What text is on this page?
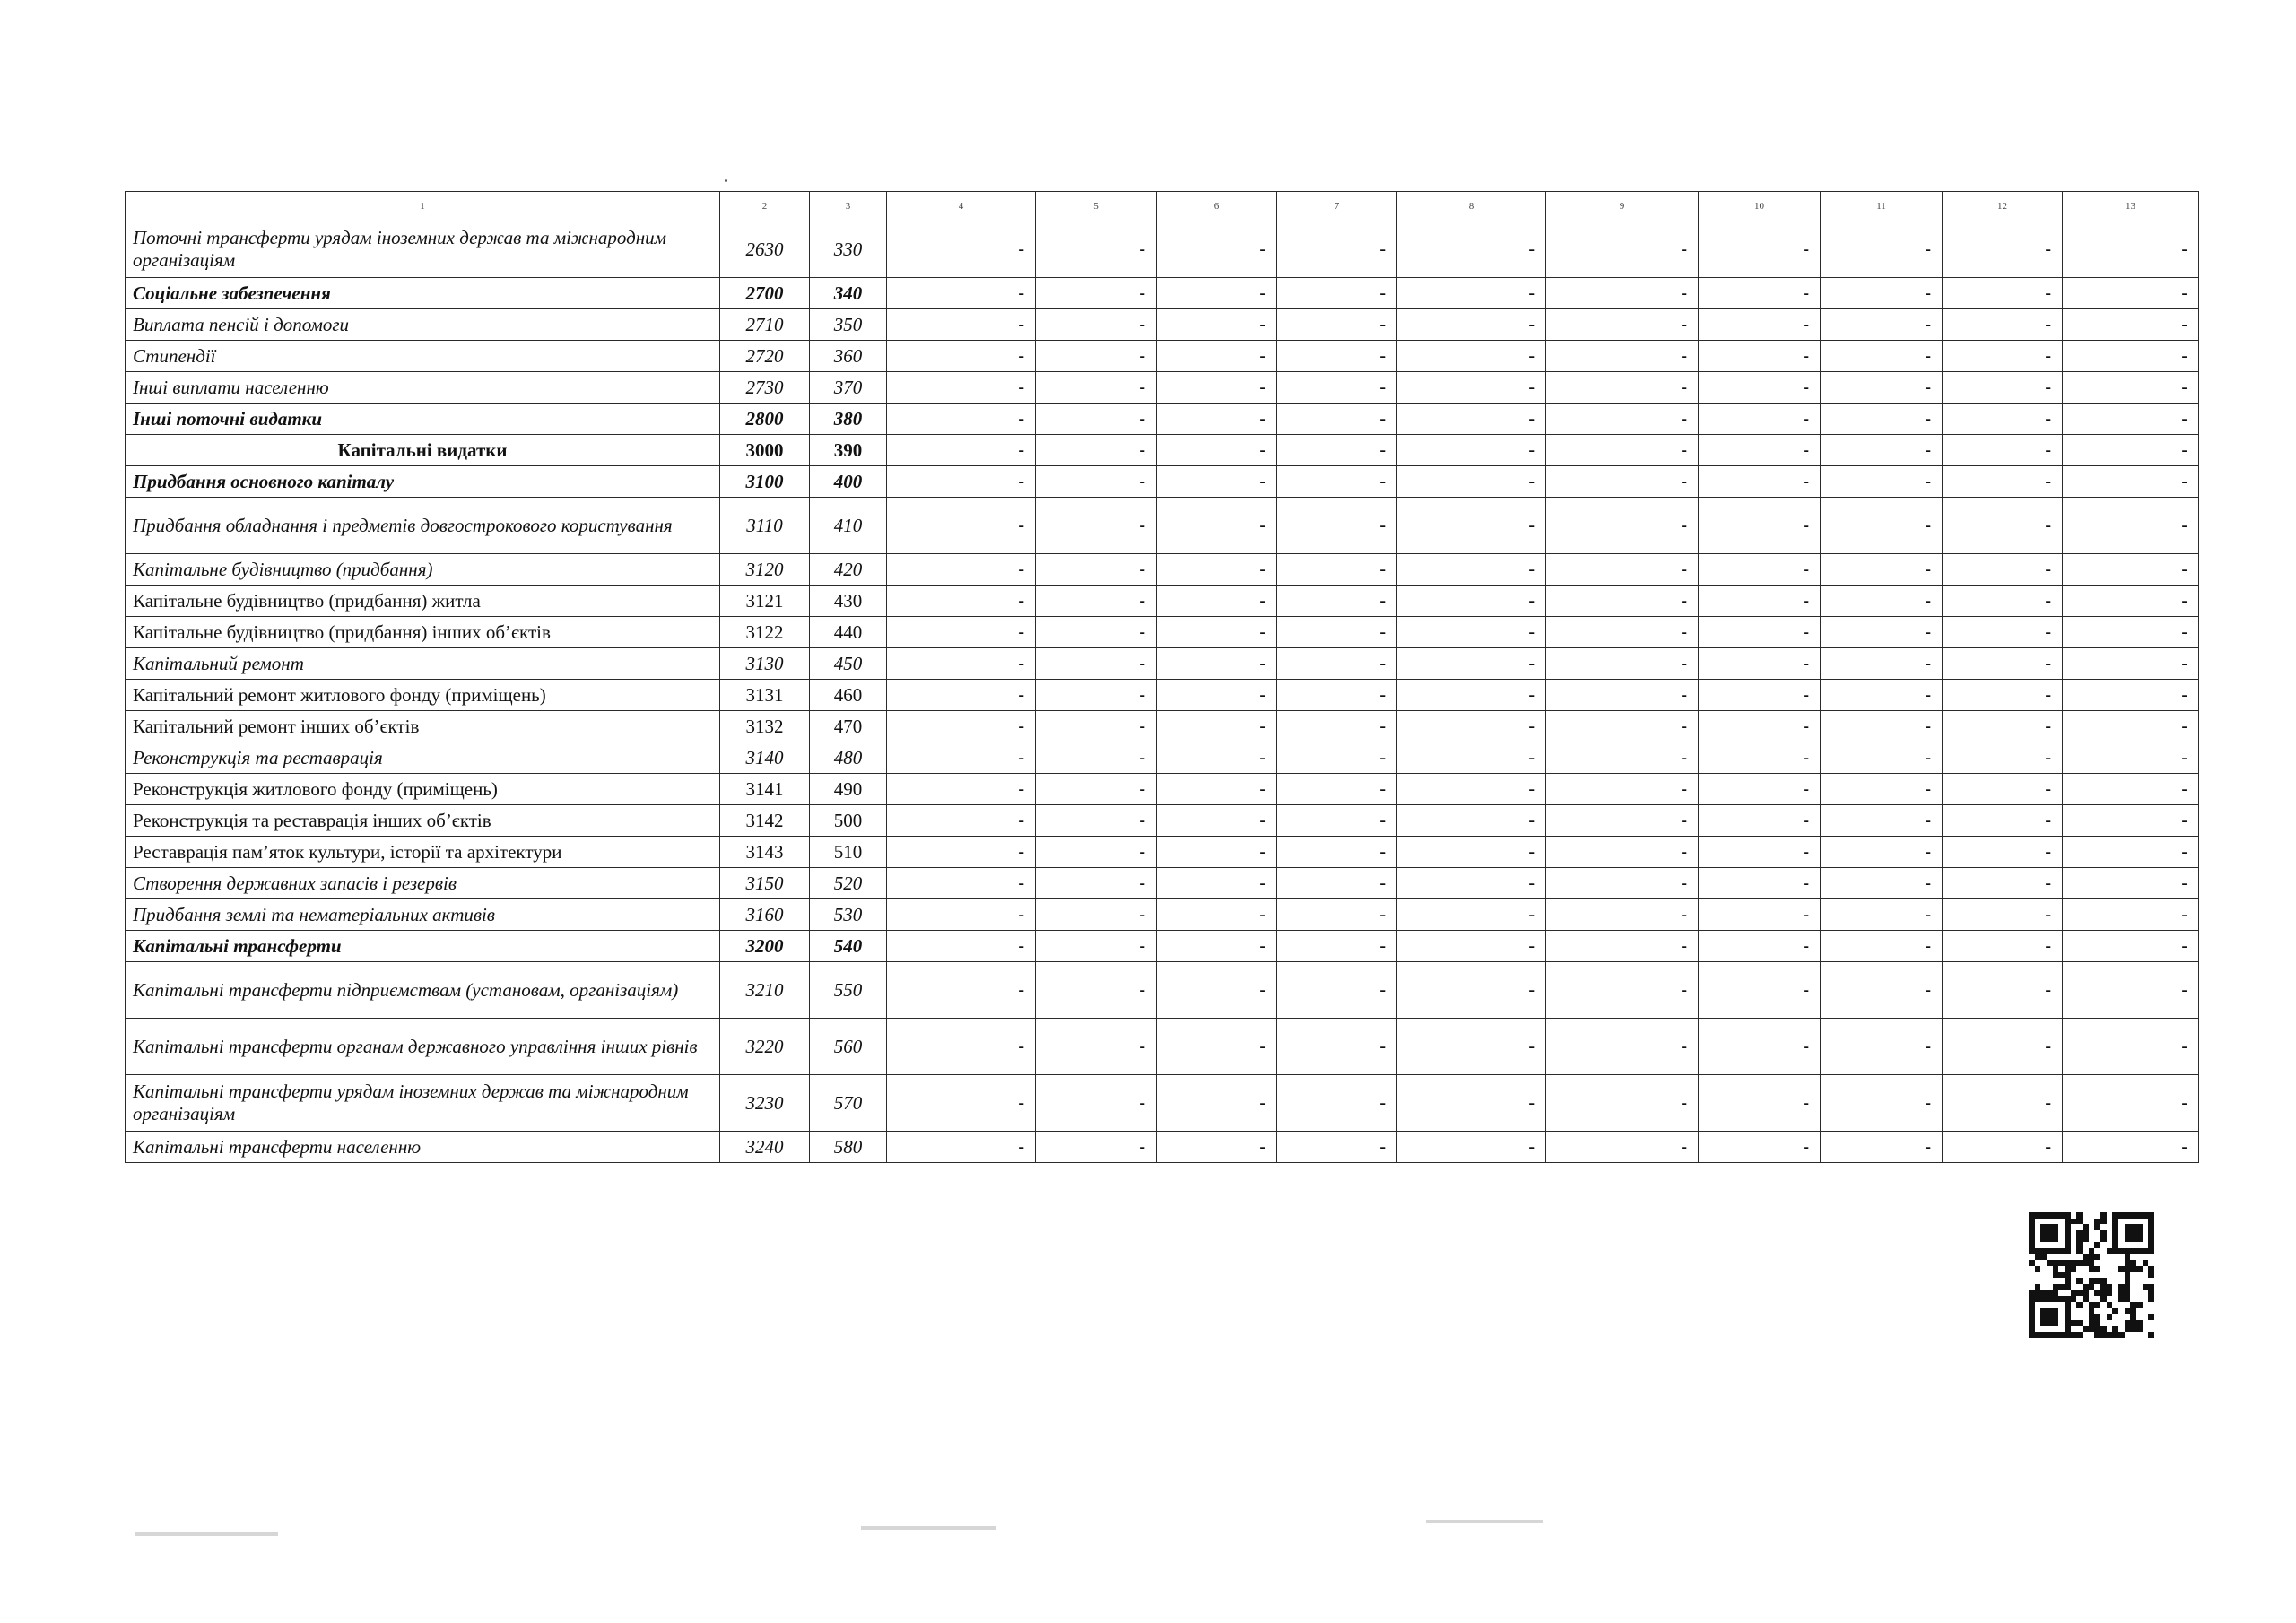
1	2	3	4	5	6	7	8	9	10	11	12	13
Поточні трансферти урядам іноземних держав та міжнародним організаціям	2630	330	-	-	-	-	-	-	-	-	-	-
Соціальне забезпечення	2700	340	-	-	-	-	-	-	-	-	-	-
Виплата пенсій і допомоги	2710	350	-	-	-	-	-	-	-	-	-	-
Стипендії	2720	360	-	-	-	-	-	-	-	-	-	-
Інші виплати населенню	2730	370	-	-	-	-	-	-	-	-	-	-
Інші поточні видатки	2800	380	-	-	-	-	-	-	-	-	-	-
Капітальні видатки	3000	390	-	-	-	-	-	-	-	-	-	-
Придбання основного капіталу	3100	400	-	-	-	-	-	-	-	-	-	-
Придбання обладнання і предметів довгострокового користування	3110	410	-	-	-	-	-	-	-	-	-	-
Капітальне будівництво (придбання)	3120	420	-	-	-	-	-	-	-	-	-	-
Капітальне будівництво (придбання) житла	3121	430	-	-	-	-	-	-	-	-	-	-
Капітальне будівництво (придбання) інших об’єктів	3122	440	-	-	-	-	-	-	-	-	-	-
Капітальний ремонт	3130	450	-	-	-	-	-	-	-	-	-	-
Капітальний ремонт житлового фонду (приміщень)	3131	460	-	-	-	-	-	-	-	-	-	-
Капітальний ремонт інших об’єктів	3132	470	-	-	-	-	-	-	-	-	-	-
Реконструкція та реставрація	3140	480	-	-	-	-	-	-	-	-	-	-
Реконструкція житлового фонду (приміщень)	3141	490	-	-	-	-	-	-	-	-	-	-
Реконструкція та реставрація інших об’єктів	3142	500	-	-	-	-	-	-	-	-	-	-
Реставрація пам’яток культури, історії та архітектури	3143	510	-	-	-	-	-	-	-	-	-	-
Створення державних запасів і резервів	3150	520	-	-	-	-	-	-	-	-	-	-
Придбання землі та нематеріальних активів	3160	530	-	-	-	-	-	-	-	-	-	-
Капітальні трансферти	3200	540	-	-	-	-	-	-	-	-	-	-
Капітальні трансферти підприємствам (установам, організаціям)	3210	550	-	-	-	-	-	-	-	-	-	-
Капітальні трансферти органам державного управління інших рівнів	3220	560	-	-	-	-	-	-	-	-	-	-
Капітальні трансферти урядам іноземних держав та міжнародним організаціям	3230	570	-	-	-	-	-	-	-	-	-	-
Капітальні трансферти населенню	3240	580	-	-	-	-	-	-	-	-	-	-
